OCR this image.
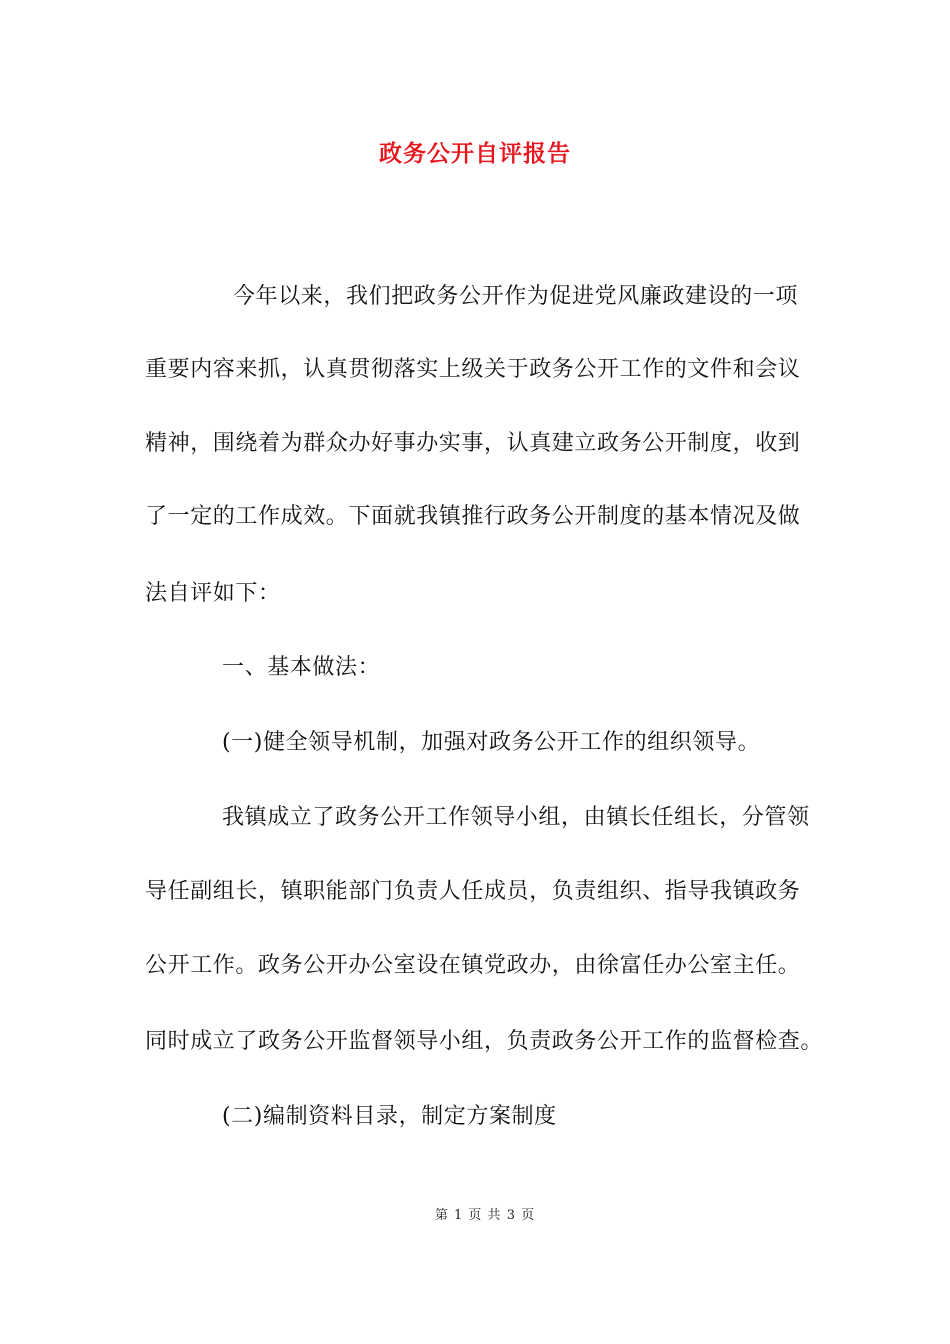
政务公开自评报告
今年以来，我们把政务公开作为促进党风廉政建设的一项
重要内容来抓，认真贯彻落实上级关于政务公开工作的文件和会议
精神，围绕着为群众办好事办实事，认真建立政务公开制度，收到
了一定的工作成效。下面就我镇推行政务公开制度的基本情况及做
法自评如下：
一、基本做法：
(一)健全领导机制，加强对政务公开工作的组织领导。
我镇成立了政务公开工作领导小组，由镇长任组长，分管领
导任副组长，镇职能部门负责人任成员，负责组织、指导我镇政务
公开工作。政务公开办公室设在镇党政办，由徐富任办公室主任。
同时成立了政务公开监督领导小组，负责政务公开工作的监督检查。
(二)编制资料目录，制定方案制度
第 1 页 共 3 页
